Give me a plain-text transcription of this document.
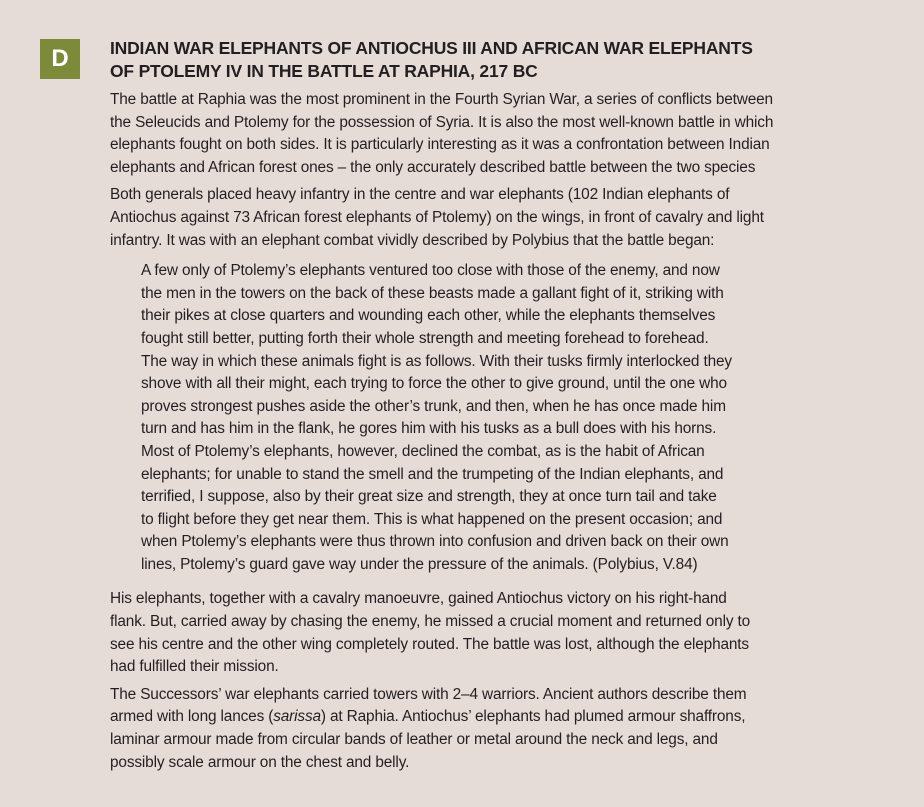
D	INDIAN WAR ELEPHANTS OF ANTIOCHUS III AND AFRICAN WAR ELEPHANTS
OF PTOLEMY IV IN THE BATTLE AT RAPHIA, 217 BC

The battle at Raphia was the most prominent in the Fourth Syrian War, a series of conflicts between
the Seleucids and Ptolemy for the possession of Syria. It is also the most well-known battle in which
elephants fought on both sides. It is particularly interesting as it was a confrontation between Indian
elephants and African forest ones – the only accurately described battle between the two species

Both generals placed heavy infantry in the centre and war elephants (102 Indian elephants of
Antiochus against 73 African forest elephants of Ptolemy) on the wings, in front of cavalry and light
infantry. It was with an elephant combat vividly described by Polybius that the battle began:

A few only of Ptolemy’s elephants ventured too close with those of the enemy, and now
the men in the towers on the back of these beasts made a gallant fight of it, striking with
their pikes at close quarters and wounding each other, while the elephants themselves
fought still better, putting forth their whole strength and meeting forehead to forehead.
The way in which these animals fight is as follows. With their tusks firmly interlocked they
shove with all their might, each trying to force the other to give ground, until the one who
proves strongest pushes aside the other’s trunk, and then, when he has once made him
turn and has him in the flank, he gores him with his tusks as a bull does with his horns.
Most of Ptolemy’s elephants, however, declined the combat, as is the habit of African
elephants; for unable to stand the smell and the trumpeting of the Indian elephants, and
terrified, I suppose, also by their great size and strength, they at once turn tail and take
to flight before they get near them. This is what happened on the present occasion; and
when Ptolemy’s elephants were thus thrown into confusion and driven back on their own
lines, Ptolemy’s guard gave way under the pressure of the animals. (Polybius, V.84)

His elephants, together with a cavalry manoeuvre, gained Antiochus victory on his right-hand
flank. But, carried away by chasing the enemy, he missed a crucial moment and returned only to
see his centre and the other wing completely routed. The battle was lost, although the elephants
had fulfilled their mission.

The Successors’ war elephants carried towers with 2–4 warriors. Ancient authors describe them
armed with long lances (sarissa) at Raphia. Antiochus’ elephants had plumed armour shaffrons,
laminar armour made from circular bands of leather or metal around the neck and legs, and
possibly scale armour on the chest and belly.
